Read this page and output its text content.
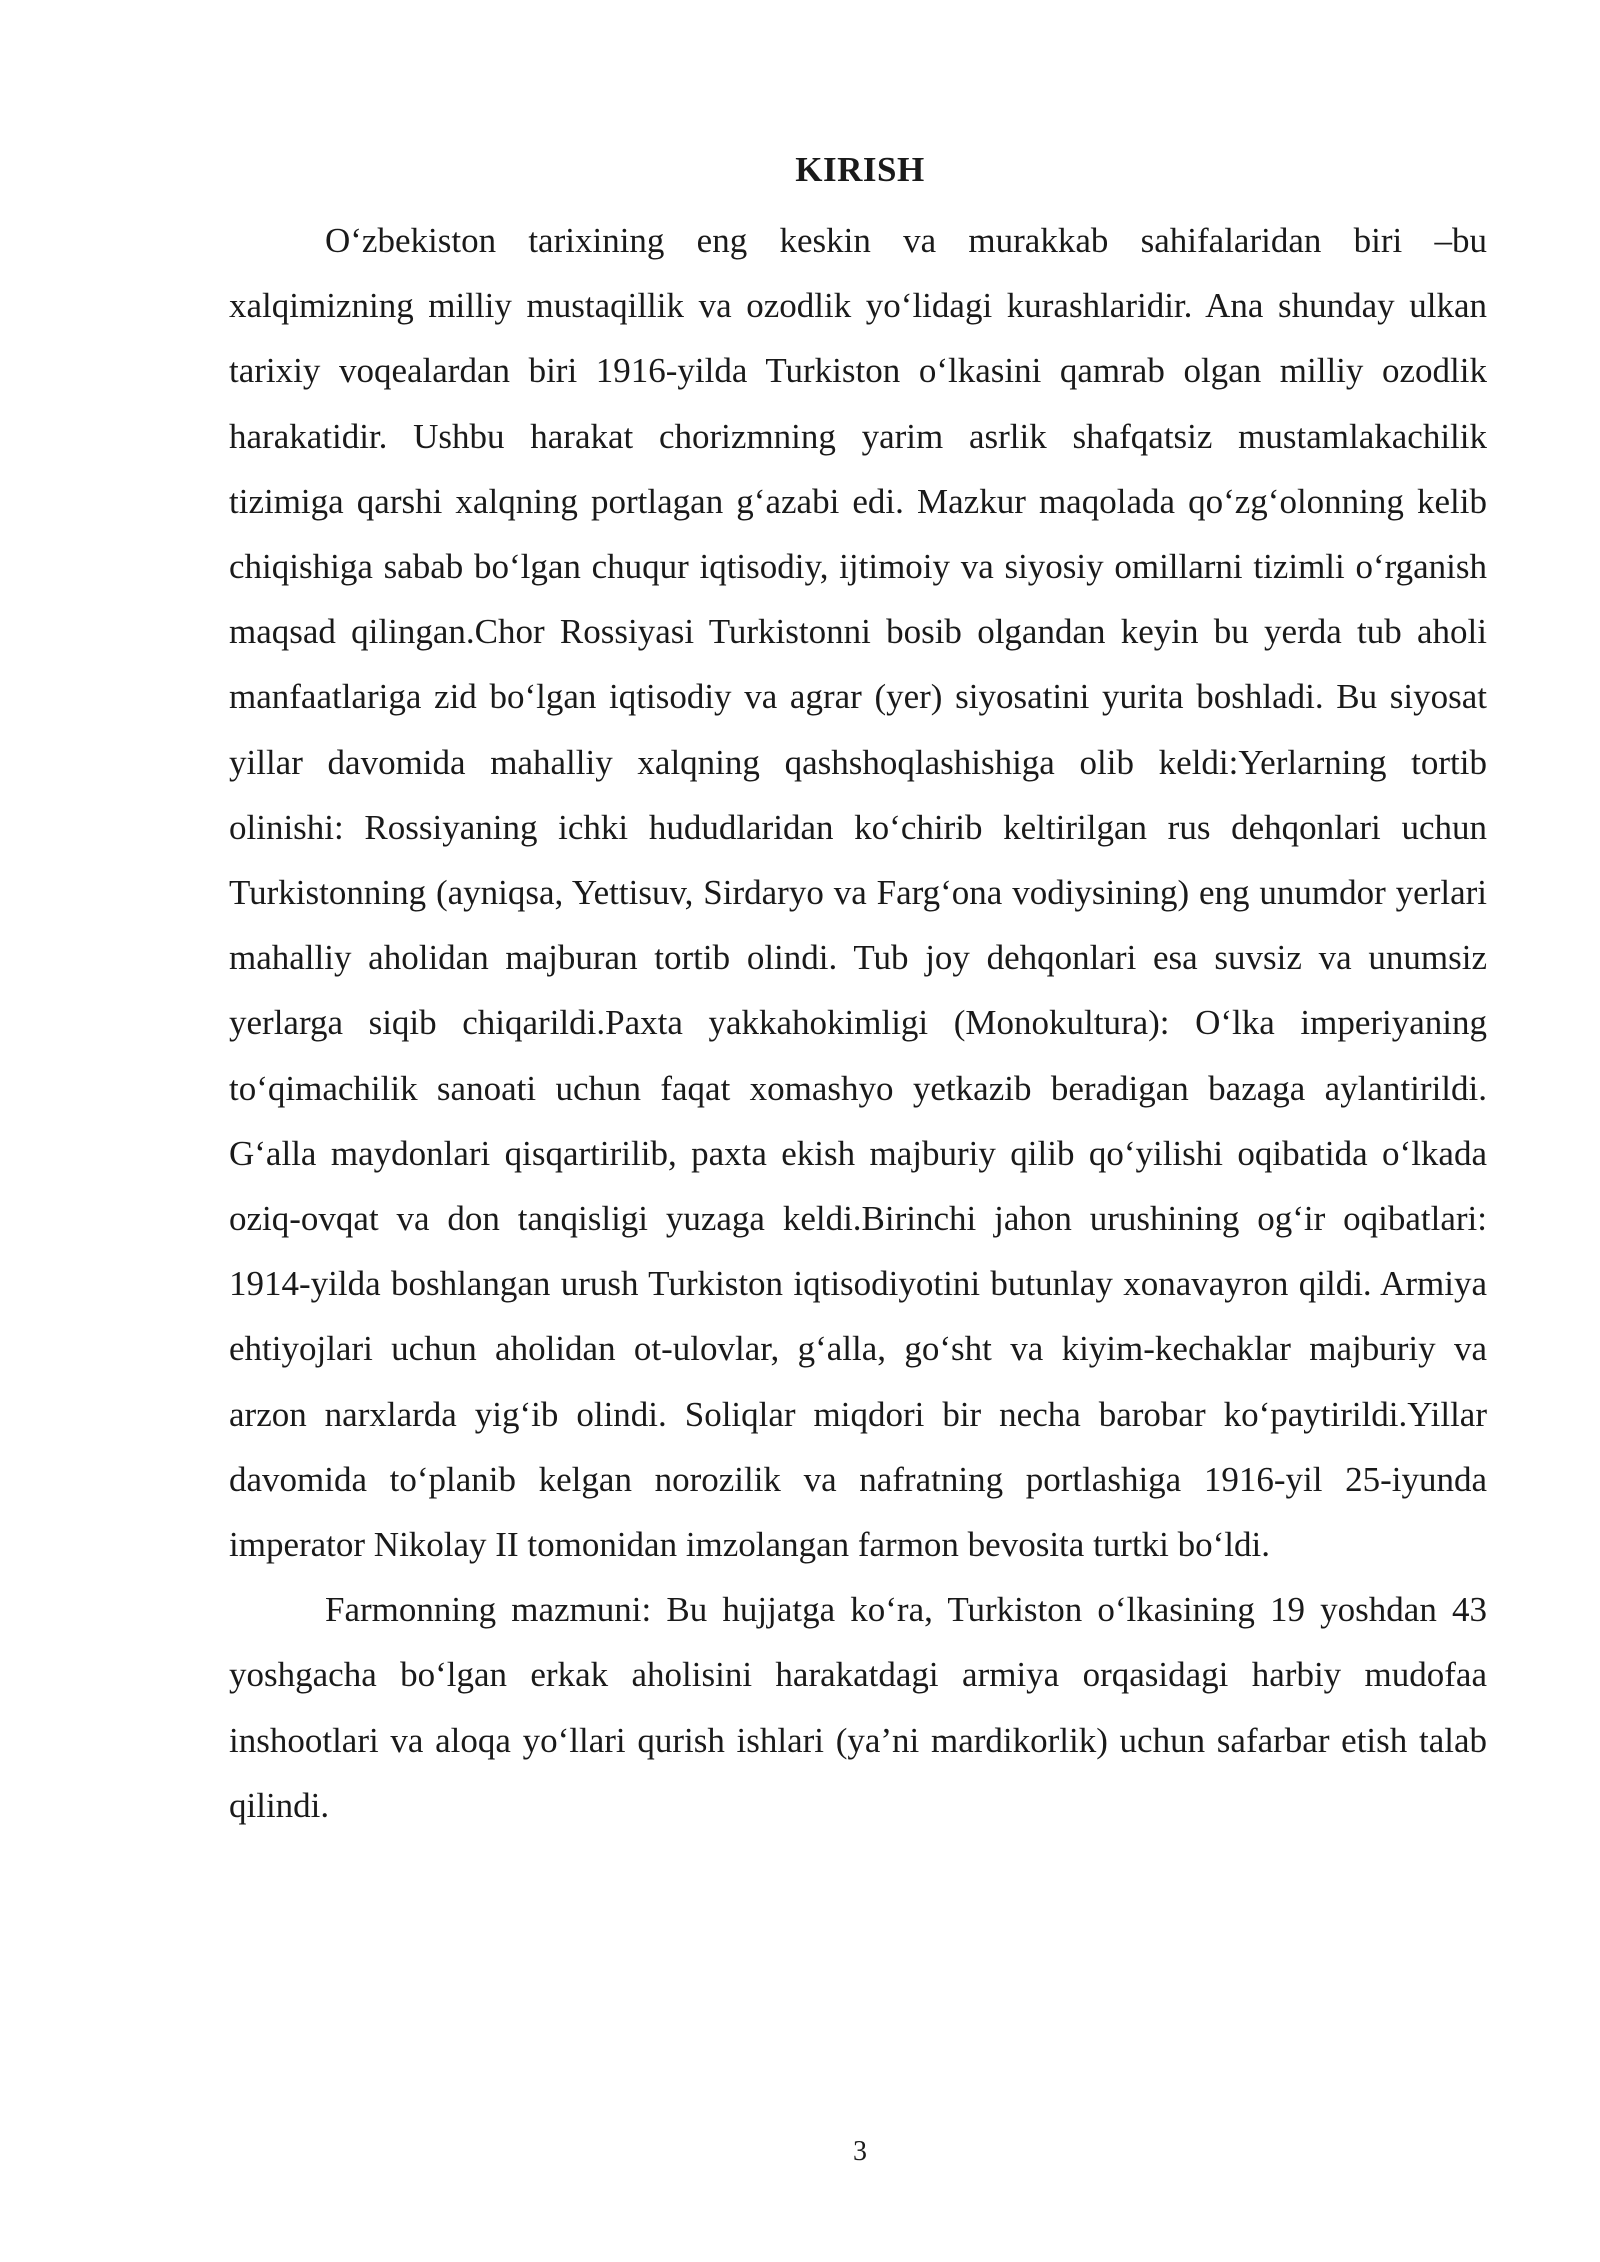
KIRISH

O‘zbekiston tarixining eng keskin va murakkab sahifalaridan biri –bu xalqimizning milliy mustaqillik va ozodlik yo‘lidagi kurashlaridir. Ana shunday ulkan tarixiy voqealardan biri 1916-yilda Turkiston o‘lkasini qamrab olgan milliy ozodlik harakatidir. Ushbu harakat chorizmning yarim asrlik shafqatsiz mustamlakachilik tizimiga qarshi xalqning portlagan g‘azabi edi. Mazkur maqolada qo‘zg‘olonning kelib chiqishiga sabab bo‘lgan chuqur iqtisodiy, ijtimoiy va siyosiy omillarni tizimli o‘rganish maqsad qilingan.Chor Rossiyasi Turkistonni bosib olgandan keyin bu yerda tub aholi manfaatlariga zid bo‘lgan iqtisodiy va agrar (yer) siyosatini yurita boshladi. Bu siyosat yillar davomida mahalliy xalqning qashshoqlashishiga olib keldi:Yerlarning tortib olinishi: Rossiyaning ichki hududlaridan ko‘chirib keltirilgan rus dehqonlari uchun Turkistonning (ayniqsa, Yettisuv, Sirdaryo va Farg‘ona vodiysining) eng unumdor yerlari mahalliy aholidan majburan tortib olindi. Tub joy dehqonlari esa suvsiz va unumsiz yerlarga siqib chiqarildi.Paxta yakkahokimligi (Monokultura): O‘lka imperiyaning to‘qimachilik sanoati uchun faqat xomashyo yetkazib beradigan bazaga aylantirildi. G‘alla maydonlari qisqartirilib, paxta ekish majburiy qilib qo‘yilishi oqibatida o‘lkada oziq-ovqat va don tanqisligi yuzaga keldi.Birinchi jahon urushining og‘ir oqibatlari: 1914-yilda boshlangan urush Turkiston iqtisodiyotini butunlay xonavayron qildi. Armiya ehtiyojlari uchun aholidan ot-ulovlar, g‘alla, go‘sht va kiyim-kechaklar majburiy va arzon narxlarda yig‘ib olindi. Soliqlar miqdori bir necha barobar ko‘paytirildi.Yillar davomida to‘planib kelgan norozilik va nafratning portlashiga 1916-yil 25-iyunda imperator Nikolay II tomonidan imzolangan farmon bevosita turtki bo‘ldi.

Farmonning mazmuni: Bu hujjatga ko‘ra, Turkiston o‘lkasining 19 yoshdan 43 yoshgacha bo‘lgan erkak aholisini harakatdagi armiya orqasidagi harbiy mudofaa inshootlari va aloqa yo‘llari qurish ishlari (ya’ni mardikorlik) uchun safarbar etish talab qilindi.

3
